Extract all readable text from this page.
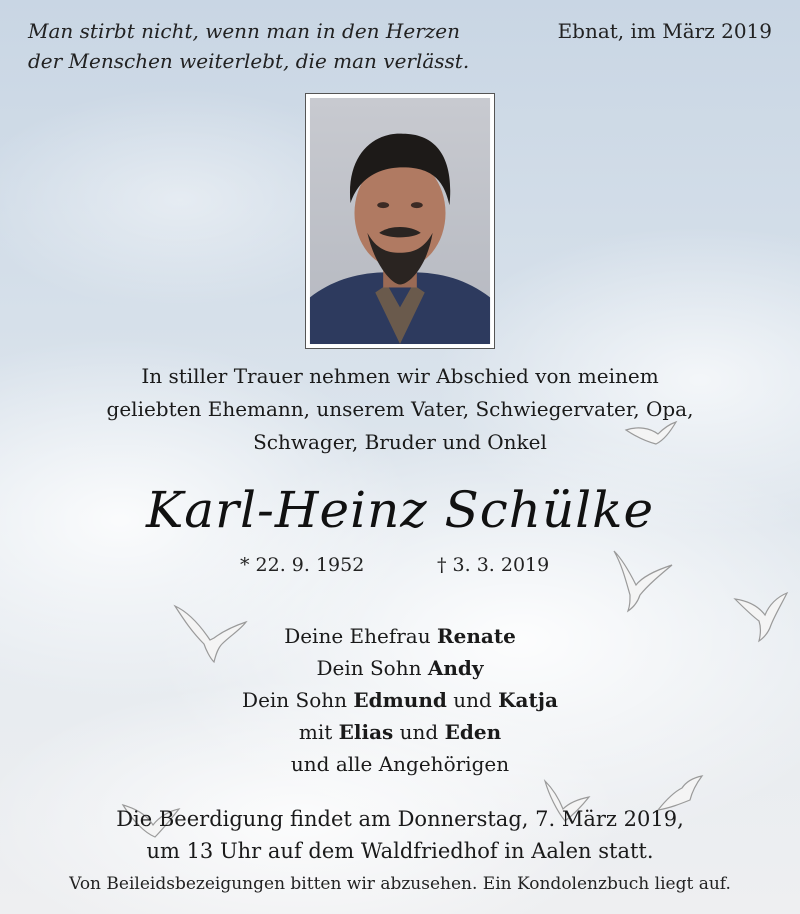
Man stirbt nicht, wenn man in den Herzen
der Menschen weiterlebt, die man verlässt.
Ebnat, im März 2019
In stiller Trauer nehmen wir Abschied von meinem
geliebten Ehemann, unserem Vater, Schwiegervater, Opa,
Schwager, Bruder und Onkel
Karl-Heinz Schülke
* 22. 9. 1952	† 3. 3. 2019
Deine Ehefrau Renate
Dein Sohn Andy
Dein Sohn Edmund und Katja
mit Elias und Eden
und alle Angehörigen
Die Beerdigung findet am Donnerstag, 7. März 2019,
um 13 Uhr auf dem Waldfriedhof in Aalen statt.
Von Beileidsbezeigungen bitten wir abzusehen. Ein Kondolenzbuch liegt auf.
